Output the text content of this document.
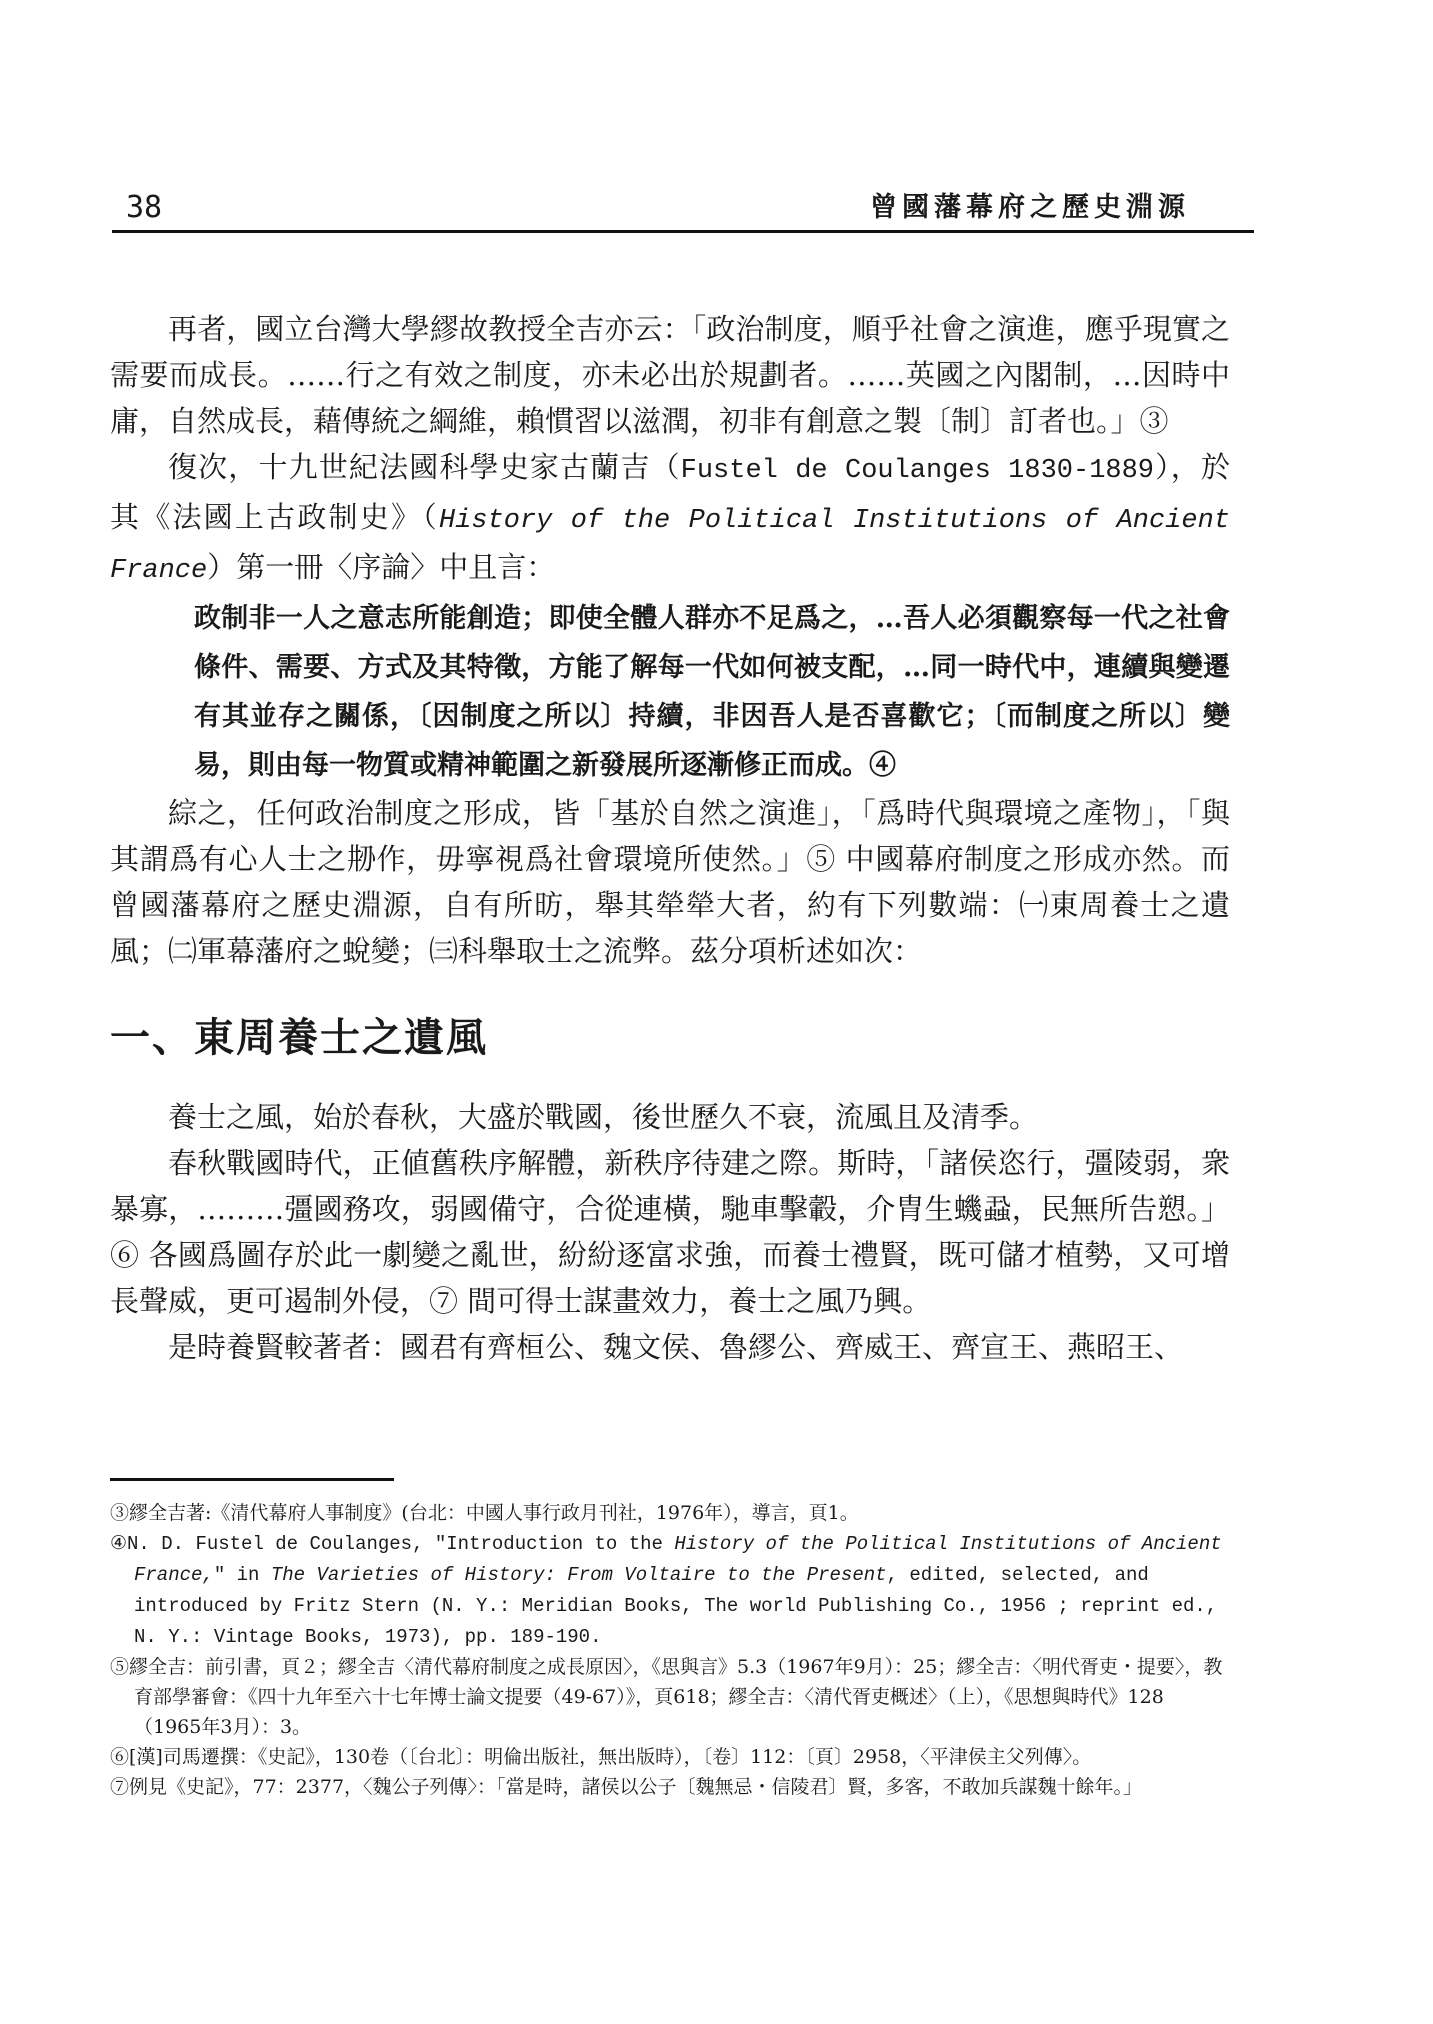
38	曾國藩幕府之歷史淵源

再者，國立台灣大學繆故教授全吉亦云：「政治制度，順乎社會之演進，應乎現實之需要而成長。……行之有效之制度，亦未必出於規劃者。……英國之內閣制，…因時中庸，自然成長，藉傳統之綱維，賴慣習以滋潤，初非有創意之製〔制〕訂者也。」③

復次，十九世紀法國科學史家古蘭吉（Fustel de Coulanges 1830-1889），於其《法國上古政制史》（History of the Political Institutions of Ancient France）第一冊〈序論〉中且言：

政制非一人之意志所能創造；即使全體人群亦不足爲之，…吾人必須觀察每一代之社會條件、需要、方式及其特徵，方能了解每一代如何被支配，…同一時代中，連續與變遷有其並存之關係，〔因制度之所以〕持續，非因吾人是否喜歡它；〔而制度之所以〕變易，則由每一物質或精神範圍之新發展所逐漸修正而成。④

綜之，任何政治制度之形成，皆「基於自然之演進」，「爲時代與環境之產物」，「與其謂爲有心人士之刱作，毋寧視爲社會環境所使然。」⑤ 中國幕府制度之形成亦然。而曾國藩幕府之歷史淵源，自有所昉，舉其犖犖大者，約有下列數端：㈠東周養士之遺風；㈡軍幕藩府之蛻變；㈢科舉取士之流弊。茲分項析述如次：

一、東周養士之遺風

養士之風，始於春秋，大盛於戰國，後世歷久不衰，流風且及清季。

春秋戰國時代，正値舊秩序解體，新秩序待建之際。斯時，「諸侯恣行，彊陵弱，衆暴寡，………彊國務攻，弱國備守，合從連橫，馳車擊轂，介胄生蟣蝨，民無所告愬。」⑥ 各國爲圖存於此一劇變之亂世，紛紛逐富求強，而養士禮賢，既可儲才植勢，又可增長聲威，更可遏制外侵，⑦ 間可得士謀畫效力，養士之風乃興。

是時養賢較著者：國君有齊桓公、魏文侯、魯繆公、齊威王、齊宣王、燕昭王、

③繆全吉著:《清代幕府人事制度》(台北：中國人事行政月刊社，1976年），導言，頁1。

④N. D. Fustel de Coulanges, "Introduction to the History of the Political Institutions of Ancient France," in The Varieties of History: From Voltaire to the Present, edited, selected, and introduced by Fritz Stern (N. Y.: Meridian Books, The world Publishing Co., 1956 ; reprint ed., N. Y.: Vintage Books, 1973), pp. 189-190.

⑤繆全吉：前引書，頁２；繆全吉〈清代幕府制度之成長原因〉，《思與言》5.3（1967年9月）：25；繆全吉：〈明代胥吏・提要〉，教育部學審會：《四十九年至六十七年博士論文提要（49-67）》，頁618；繆全吉：〈清代胥吏概述〉（上），《思想與時代》128（1965年3月）：3。

⑥[漢]司馬遷撰：《史記》，130卷（〔台北〕：明倫出版社，無出版時），〔卷〕112：〔頁〕2958，〈平津侯主父列傳〉。

⑦例見《史記》，77：2377，〈魏公子列傳〉：「當是時，諸侯以公子〔魏無忌・信陵君〕賢，多客，不敢加兵謀魏十餘年。」
